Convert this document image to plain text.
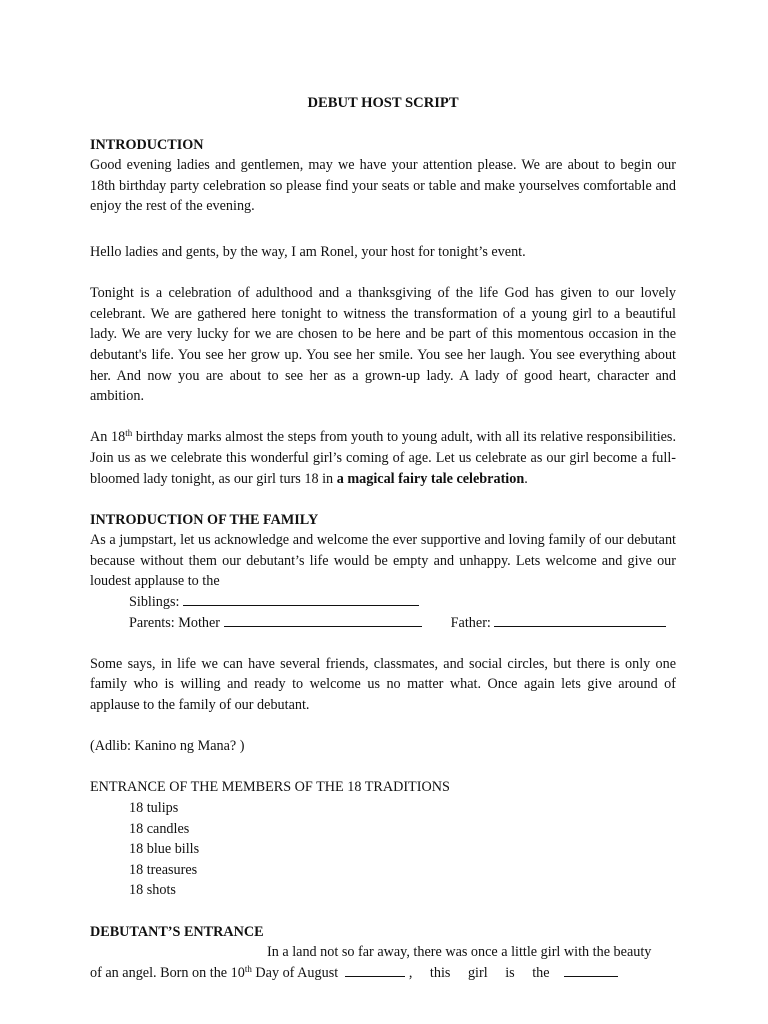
DEBUT HOST SCRIPT
INTRODUCTION

Good evening ladies and gentlemen, may we have your attention please. We are about to begin our 18th birthday party celebration so please find your seats or table and make yourselves comfortable and enjoy the rest of the evening.

Hello ladies and gents, by the way, I am Ronel, your host for tonight’s event.

Tonight is a celebration of adulthood and a thanksgiving of the life God has given to our lovely celebrant. We are gathered here tonight to witness the transformation of a young girl to a beautiful lady. We are very lucky for we are chosen to be here and be part of this momentous occasion in the debutant's life. You see her grow up. You see her smile. You see her laugh. You see everything about her. And now you are about to see her as a grown-up lady. A lady of good heart, character and ambition.

An 18th birthday marks almost the steps from youth to young adult, with all its relative responsibilities. Join us as we celebrate this wonderful girl’s coming of age. Let us celebrate as our girl become a full-bloomed lady tonight, as our girl turs 18 in a magical fairy tale celebration.

INTRODUCTION OF THE FAMILY

As a jumpstart, let us acknowledge and welcome the ever supportive and loving family of our debutant because without them our debutant’s life would be empty and unhappy. Lets welcome and give our loudest applause to the

Siblings:
Parents: Mother	Father:

Some says, in life we can have several friends, classmates, and social circles, but there is only one family who is willing and ready to welcome us no matter what. Once again lets give around of applause to the family of our debutant.

(Adlib: Kanino ng Mana? )

ENTRANCE OF THE MEMBERS OF THE 18 TRADITIONS
18 tulips
18 candles
18 blue bills
18 treasures
18 shots
DEBUTANT’S ENTRANCE
In a land not so far away, there was once a little girl with the beauty
of an angel. Born on the 10th Day of August	, this girl is the
